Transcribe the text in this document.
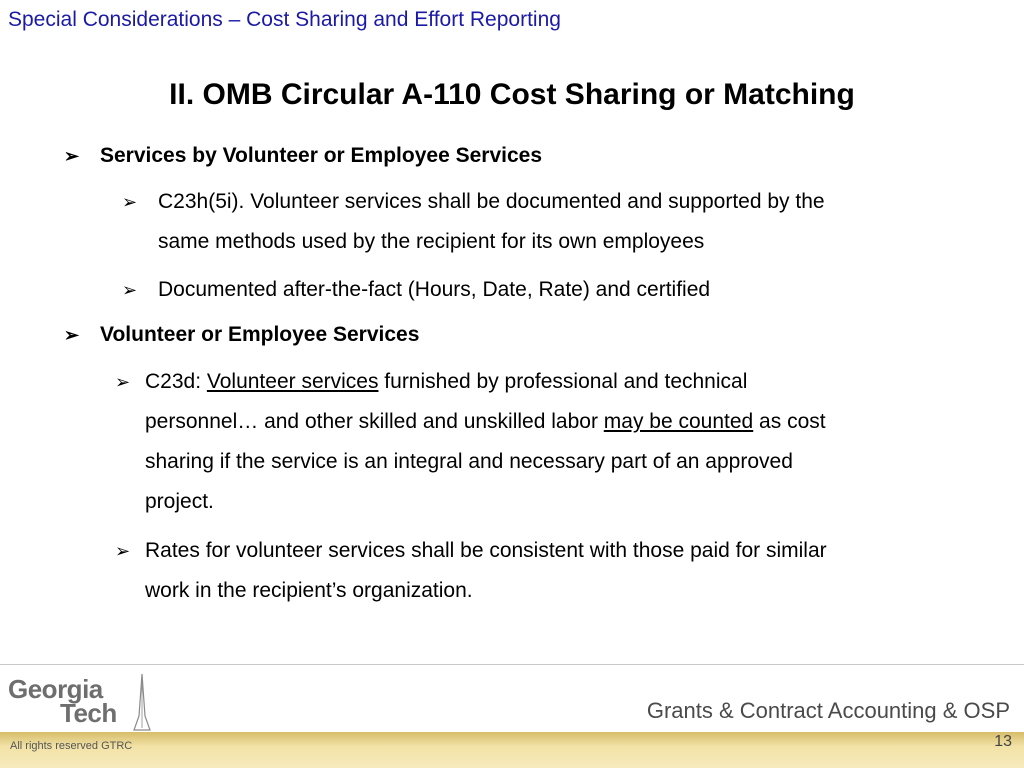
Special Considerations – Cost Sharing and Effort Reporting
II. OMB Circular A-110 Cost Sharing or Matching
➢ Services by Volunteer or Employee Services
➢ C23h(5i). Volunteer services shall be documented and supported by the
same methods used by the recipient for its own employees
➢ Documented after-the-fact (Hours, Date, Rate) and certified
➢ Volunteer or Employee Services
➢ C23d: Volunteer services furnished by professional and technical
personnel… and other skilled and unskilled labor may be counted as cost
sharing if the service is an integral and necessary part of an approved
project.
➢ Rates for volunteer services shall be consistent with those paid for similar
work in the recipient’s organization.
Georgia
Tech	Grants & Contract Accounting & OSP
All rights reserved GTRC	13
